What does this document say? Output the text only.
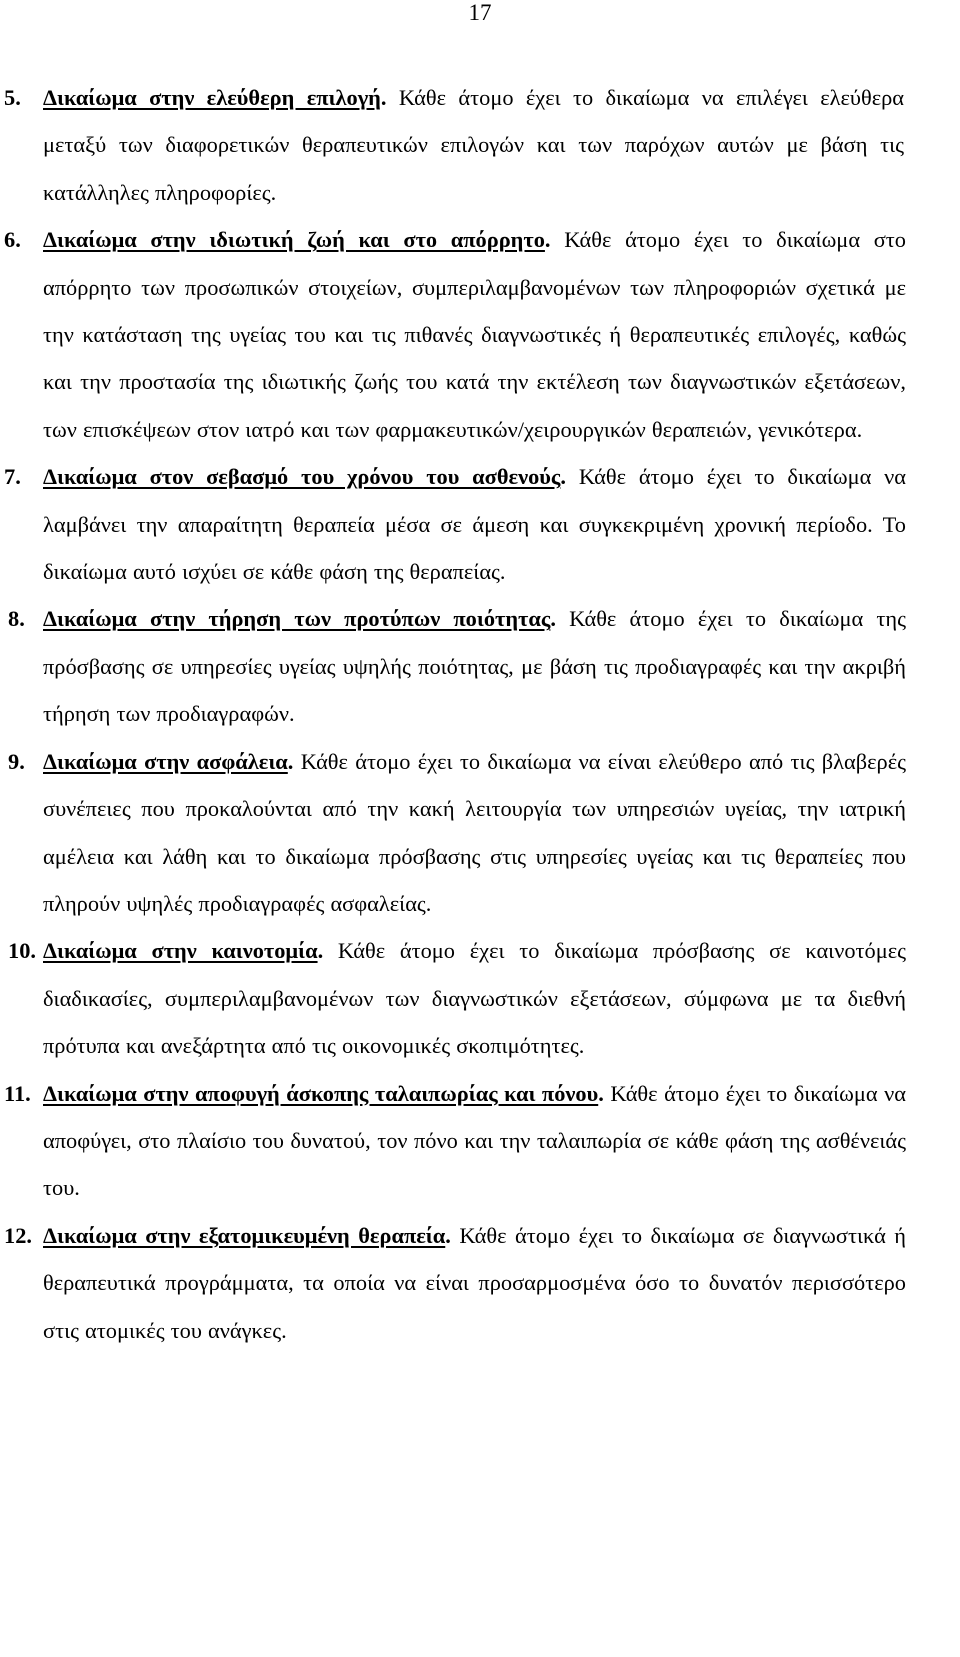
17
5. Δικαίωμα στην ελεύθερη επιλογή. Κάθε άτομο έχει το δικαίωμα να επιλέγει ελεύθερα μεταξύ των διαφορετικών θεραπευτικών επιλογών και των παρόχων αυτών με βάση τις κατάλληλες πληροφορίες.
6. Δικαίωμα στην ιδιωτική ζωή και στο απόρρητο. Κάθε άτομο έχει το δικαίωμα στο απόρρητο των προσωπικών στοιχείων, συμπεριλαμβανομένων των πληροφοριών σχετικά με την κατάσταση της υγείας του και τις πιθανές διαγνωστικές ή θεραπευτικές επιλογές, καθώς και την προστασία της ιδιωτικής ζωής του κατά την εκτέλεση των διαγνωστικών εξετάσεων, των επισκέψεων στον ιατρό και των φαρμακευτικών/χειρουργικών θεραπειών, γενικότερα.
7. Δικαίωμα στον σεβασμό του χρόνου του ασθενούς. Κάθε άτομο έχει το δικαίωμα να λαμβάνει την απαραίτητη θεραπεία μέσα σε άμεση και συγκεκριμένη χρονική περίοδο. Το δικαίωμα αυτό ισχύει σε κάθε φάση της θεραπείας.
8. Δικαίωμα στην τήρηση των προτύπων ποιότητας. Κάθε άτομο έχει το δικαίωμα της πρόσβασης σε υπηρεσίες υγείας υψηλής ποιότητας, με βάση τις προδιαγραφές και την ακριβή τήρηση των προδιαγραφών.
9. Δικαίωμα στην ασφάλεια. Κάθε άτομο έχει το δικαίωμα να είναι ελεύθερο από τις βλαβερές συνέπειες που προκαλούνται από την κακή λειτουργία των υπηρεσιών υγείας, την ιατρική αμέλεια και λάθη και το δικαίωμα πρόσβασης στις υπηρεσίες υγείας και τις θεραπείες που πληρούν υψηλές προδιαγραφές ασφαλείας.
10. Δικαίωμα στην καινοτομία. Κάθε άτομο έχει το δικαίωμα πρόσβασης σε καινοτόμες διαδικασίες, συμπεριλαμβανομένων των διαγνωστικών εξετάσεων, σύμφωνα με τα διεθνή πρότυπα και ανεξάρτητα από τις οικονομικές σκοπιμότητες.
11. Δικαίωμα στην αποφυγή άσκοπης ταλαιπωρίας και πόνου. Κάθε άτομο έχει το δικαίωμα να αποφύγει, στο πλαίσιο του δυνατού, τον πόνο και την ταλαιπωρία σε κάθε φάση της ασθένειάς του.
12. Δικαίωμα στην εξατομικευμένη θεραπεία. Κάθε άτομο έχει το δικαίωμα σε διαγνωστικά ή θεραπευτικά προγράμματα, τα οποία να είναι προσαρμοσμένα όσο το δυνατόν περισσότερο στις ατομικές του ανάγκες.
